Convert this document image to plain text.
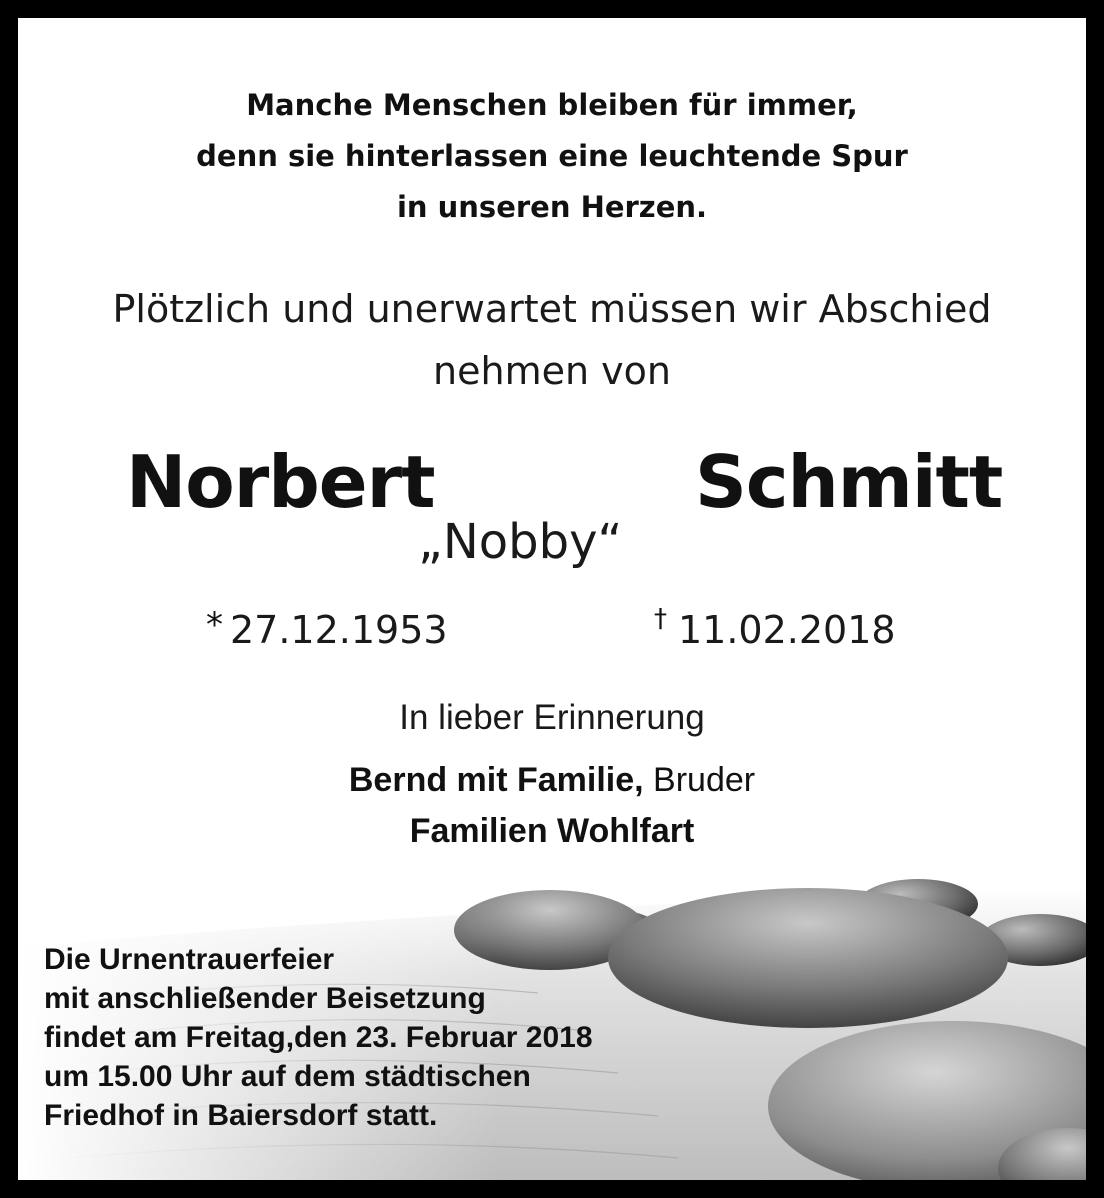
Manche Menschen bleiben für immer,
denn sie hinterlassen eine leuchtende Spur
in unseren Herzen.

Plötzlich und unerwartet müssen wir Abschied
nehmen von

Norbert
„Nobby“
Schmitt
* 27.12.1953	† 11.02.2018
In lieber Erinnerung
Bernd mit Familie, Bruder
Familien Wohlfart

Die Urnentrauerfeier
mit anschließender Beisetzung
findet am Freitag,den 23. Februar 2018
um 15.00 Uhr auf dem städtischen
Friedhof in Baiersdorf statt.
